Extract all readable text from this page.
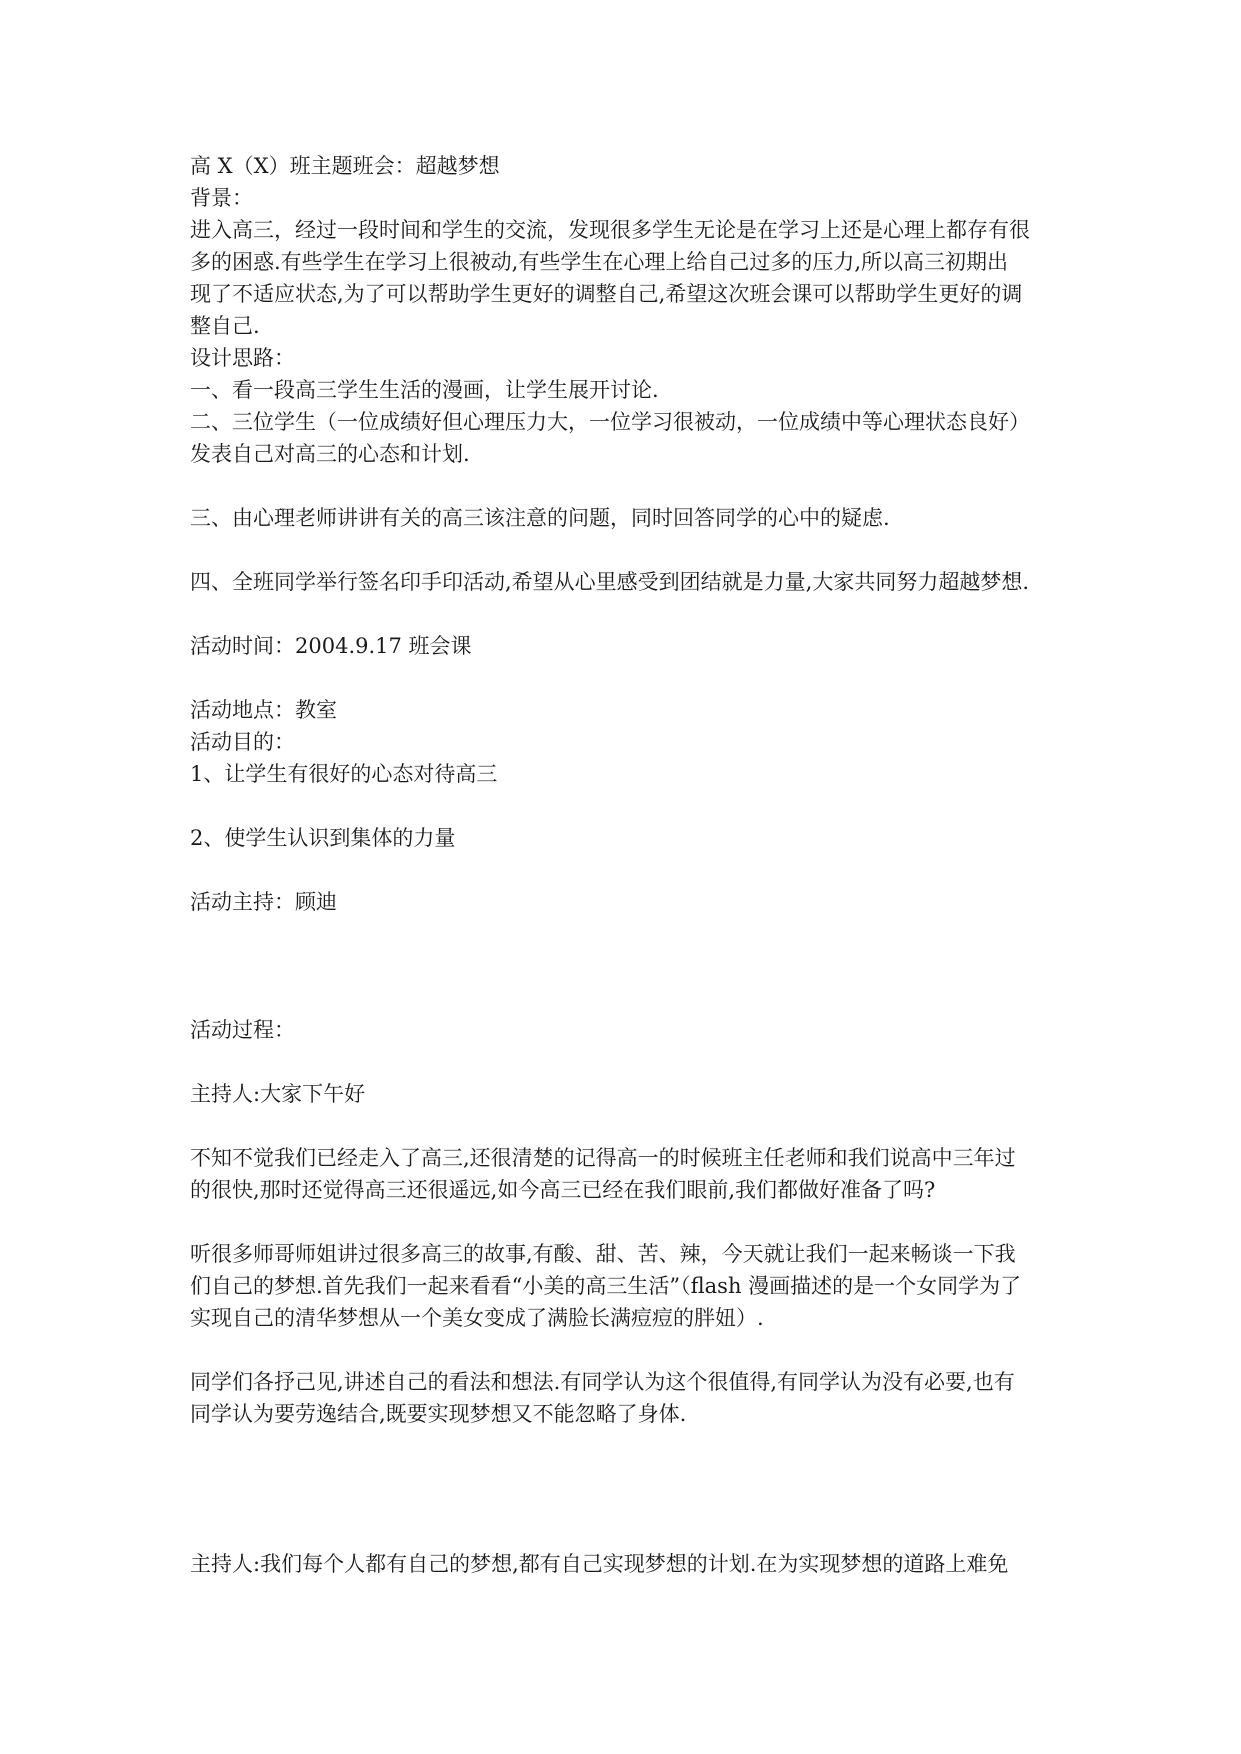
高 X（X）班主题班会：超越梦想
背景：
进入高三，经过一段时间和学生的交流，发现很多学生无论是在学习上还是心理上都存有很
多的困惑.有些学生在学习上很被动,有些学生在心理上给自己过多的压力,所以高三初期出
现了不适应状态,为了可以帮助学生更好的调整自己,希望这次班会课可以帮助学生更好的调
整自己.
设计思路：
一、看一段高三学生生活的漫画，让学生展开讨论.
二、三位学生（一位成绩好但心理压力大，一位学习很被动，一位成绩中等心理状态良好）
发表自己对高三的心态和计划.
三、由心理老师讲讲有关的高三该注意的问题，同时回答同学的心中的疑虑.
四、全班同学举行签名印手印活动,希望从心里感受到团结就是力量,大家共同努力超越梦想.
活动时间：2004.9.17 班会课
活动地点：教室
活动目的：
1、让学生有很好的心态对待高三
2、使学生认识到集体的力量
活动主持：顾迪
活动过程：
主持人:大家下午好
不知不觉我们已经走入了高三,还很清楚的记得高一的时候班主任老师和我们说高中三年过
的很快,那时还觉得高三还很遥远,如今高三已经在我们眼前,我们都做好准备了吗?
听很多师哥师姐讲过很多高三的故事,有酸、甜、苦、辣，今天就让我们一起来畅谈一下我
们自己的梦想.首先我们一起来看看“小美的高三生活”（flash 漫画描述的是一个女同学为了
实现自己的清华梦想从一个美女变成了满脸长满痘痘的胖妞）.
同学们各抒己见,讲述自己的看法和想法.有同学认为这个很值得,有同学认为没有必要,也有
同学认为要劳逸结合,既要实现梦想又不能忽略了身体.
主持人:我们每个人都有自己的梦想,都有自己实现梦想的计划.在为实现梦想的道路上难免
